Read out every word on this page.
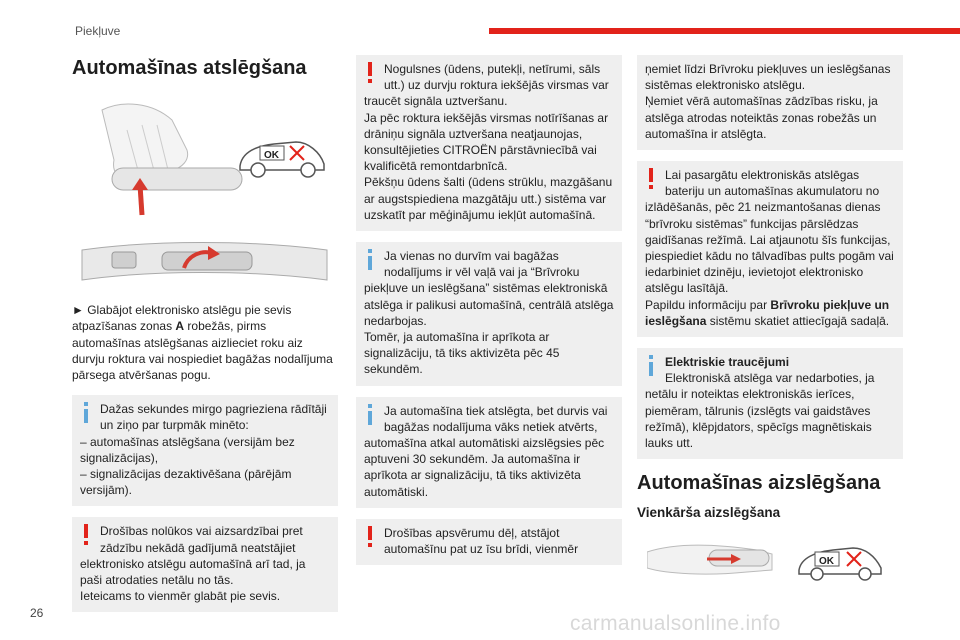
Piekļuve
Automašīnas atslēgšana
OK

► Glabājot elektronisko atslēgu pie sevis atpazīšanas zonas A robežās, pirms automašīnas atslēgšanas aizlieciet roku aiz durvju roktura vai nospiediet bagāžas nodalījuma pārsega atvēršanas pogu.

Dažas sekundes mirgo pagrieziena rādītāji un ziņo par turpmāk minēto:

– automašīnas atslēgšana (versijām bez signalizācijas),

– signalizācijas dezaktivēšana (pārējām versijām).

Drošības nolūkos vai aizsardzībai pret zādzību nekādā gadījumā neatstājiet elektronisko atslēgu automašīnā arī tad, ja paši atrodaties netālu no tās.

Ieteicams to vienmēr glabāt pie sevis.

Nogulsnes (ūdens, putekļi, netīrumi, sāls utt.) uz durvju roktura iekšējās virsmas var traucēt signāla uztveršanu.

Ja pēc roktura iekšējās virsmas notīrīšanas ar drāniņu signāla uztveršana neatjaunojas, konsultējieties CITROËN pārstāvniecībā vai kvalificētā remontdarbnīcā.

Pēkšņu ūdens šalti (ūdens strūklu, mazgāšanu ar augstspiediena mazgātāju utt.) sistēma var uzskatīt par mēģinājumu iekļūt automašīnā.

Ja vienas no durvīm vai bagāžas nodalījums ir vēl vaļā vai ja “Brīvroku piekļuve un ieslēgšana” sistēmas elektroniskā atslēga ir palikusi automašīnā, centrālā atslēga nedarbojas.

Tomēr, ja automašīna ir aprīkota ar signalizāciju, tā tiks aktivizēta pēc 45 sekundēm.

Ja automašīna tiek atslēgta, bet durvis vai bagāžas nodalījuma vāks netiek atvērts, automašīna atkal automātiski aizslēgsies pēc aptuveni 30 sekundēm. Ja automašīna ir aprīkota ar signalizāciju, tā tiks aktivizēta automātiski.

Drošības apsvērumu dēļ, atstājot automašīnu pat uz īsu brīdi, vienmēr

ņemiet līdzi Brīvroku piekļuves un ieslēgšanas sistēmas elektronisko atslēgu.

Ņemiet vērā automašīnas zādzības risku, ja atslēga atrodas noteiktās zonas robežās un automašīna ir atslēgta.

Lai pasargātu elektroniskās atslēgas bateriju un automašīnas akumulatoru no izlādēšanās, pēc 21 neizmantošanas dienas “brīvroku sistēmas” funkcijas pārslēdzas gaidīšanas režīmā. Lai atjaunotu šīs funkcijas, piespiediet kādu no tālvadības pults pogām vai iedarbiniet dzinēju, ievietojot elektronisko atslēgu lasītājā.

Papildu informāciju par Brīvroku piekļuve un ieslēgšana sistēmu skatiet attiecīgajā sadaļā.

Elektriskie traucējumi

Elektroniskā atslēga var nedarboties, ja netālu ir noteiktas elektroniskās ierīces, piemēram, tālrunis (izslēgts vai gaidstāves režīmā), klēpjdators, spēcīgs magnētiskais lauks utt.

Automašīnas aizslēgšana
Vienkārša aizslēgšana
OK
26	carmanualsonline.info
